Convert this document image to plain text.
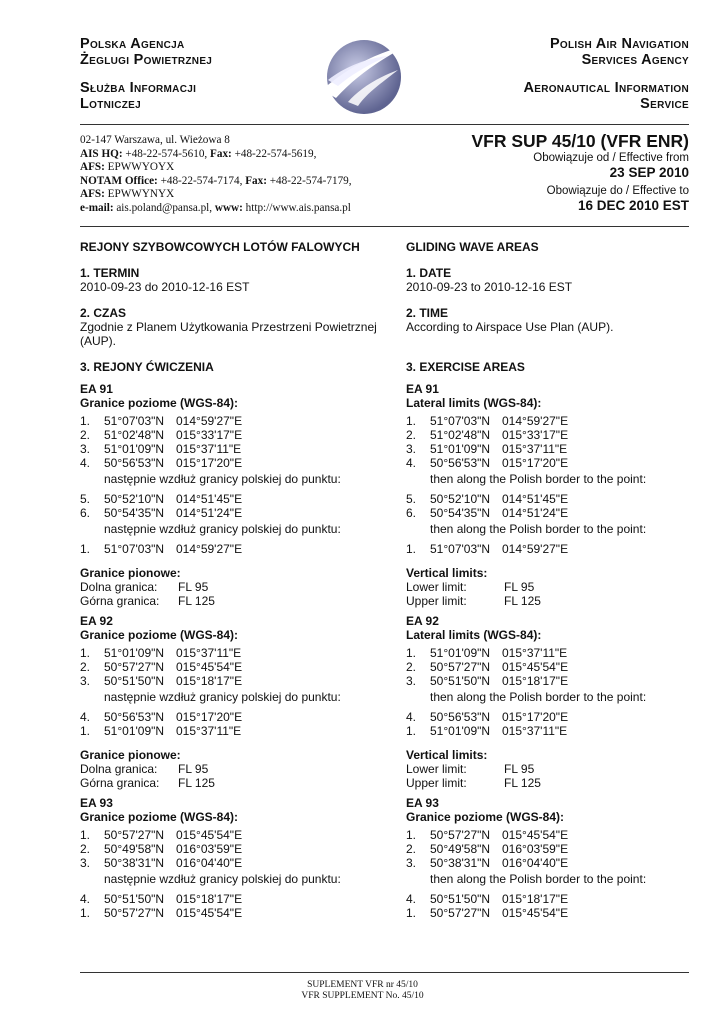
Polska Agencja
Żeglugi Powietrznej
Służba Informacji
Lotniczej
Polish Air Navigation
Services Agency
Aeronautical Information
Service
02-147 Warszawa, ul. Wieżowa 8
AIS HQ: +48-22-574-5610, Fax: +48-22-574-5619,
AFS: EPWWYOYX
NOTAM Office: +48-22-574-7174, Fax: +48-22-574-7179,
AFS: EPWWYNYX
e-mail: ais.poland@pansa.pl, www: http://www.ais.pansa.pl
VFR SUP 45/10 (VFR ENR)
Obowiązuje od / Effective from
23 SEP 2010
Obowiązuje do / Effective to
16 DEC 2010 EST
REJONY SZYBOWCOWYCH LOTÓW FALOWYCH
1. TERMIN
2010-09-23 do 2010-12-16 EST
2. CZAS
Zgodnie z Planem Użytkowania Przestrzeni Powietrznej (AUP).
3. REJONY ĆWICZENIA
EA 91
Granice poziome (WGS-84):
1.	51°07'03"N 014°59'27"E
2.	51°02'48"N 015°33'17"E
3.	51°01'09"N 015°37'11"E
4.	50°56'53"N 015°17'20"E
następnie wzdłuż granicy polskiej do punktu:
5.	50°52'10"N 014°51'45"E
6.	50°54'35"N 014°51'24"E
następnie wzdłuż granicy polskiej do punktu:
1.	51°07'03"N 014°59'27"E
Granice pionowe:
Dolna granica:	FL 95
Górna granica:	FL 125
EA 92
Granice poziome (WGS-84):
1.	51°01'09"N 015°37'11"E
2.	50°57'27"N 015°45'54"E
3.	50°51'50"N 015°18'17"E
następnie wzdłuż granicy polskiej do punktu:
4.	50°56'53"N 015°17'20"E
1.	51°01'09"N 015°37'11"E
Granice pionowe:
Dolna granica:	FL 95
Górna granica:	FL 125
EA 93
Granice poziome (WGS-84):
1.	50°57'27"N 015°45'54"E
2.	50°49'58"N 016°03'59"E
3.	50°38'31"N 016°04'40"E
następnie wzdłuż granicy polskiej do punktu:
4.	50°51'50"N 015°18'17"E
1.	50°57'27"N 015°45'54"E
GLIDING WAVE AREAS
1. DATE
2010-09-23 to 2010-12-16 EST
2. TIME
According to Airspace Use Plan (AUP).
3. EXERCISE AREAS
EA 91
Lateral limits (WGS-84):
1.	51°07'03"N 014°59'27"E
2.	51°02'48"N 015°33'17"E
3.	51°01'09"N 015°37'11"E
4.	50°56'53"N 015°17'20"E
then along the Polish border to the point:
5.	50°52'10"N 014°51'45"E
6.	50°54'35"N 014°51'24"E
then along the Polish border to the point:
1.	51°07'03"N 014°59'27"E
Vertical limits:
Lower limit:	FL 95
Upper limit:	FL 125
EA 92
Lateral limits (WGS-84):
1.	51°01'09"N 015°37'11"E
2.	50°57'27"N 015°45'54"E
3.	50°51'50"N 015°18'17"E
then along the Polish border to the point:
4.	50°56'53"N 015°17'20"E
1.	51°01'09"N 015°37'11"E
Vertical limits:
Lower limit:	FL 95
Upper limit:	FL 125
EA 93
Granice poziome (WGS-84):
1.	50°57'27"N 015°45'54"E
2.	50°49'58"N 016°03'59"E
3.	50°38'31"N 016°04'40"E
then along the Polish border to the point:
4.	50°51'50"N 015°18'17"E
1.	50°57'27"N 015°45'54"E
SUPLEMENT VFR nr 45/10
VFR SUPPLEMENT No. 45/10
